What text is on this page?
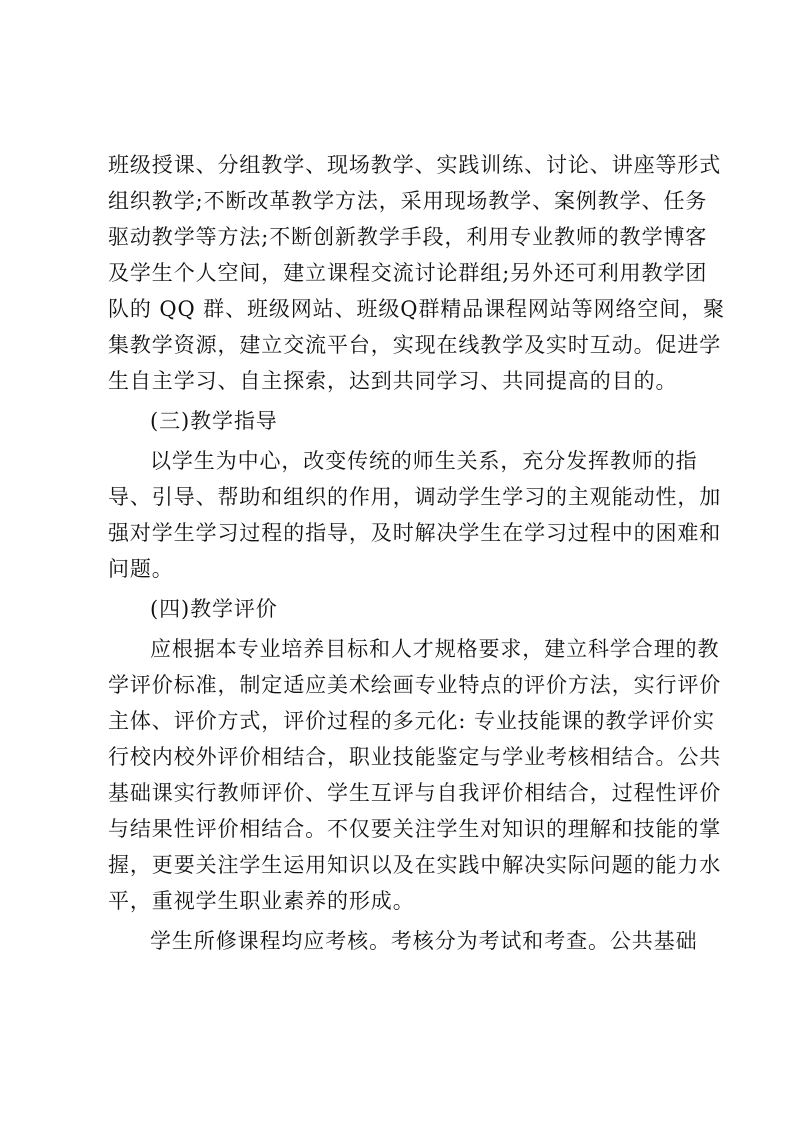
班级授课、分组教学、现场教学、实践训练、讨论、讲座等形式
组织教学;不断改革教学方法，采用现场教学、案例教学、任务
驱动教学等方法;不断创新教学手段，利用专业教师的教学博客
及学生个人空间，建立课程交流讨论群组;另外还可利用教学团
队的 QQ 群、班级网站、班级Q群精品课程网站等网络空间，聚
集教学资源，建立交流平台，实现在线教学及实时互动。促进学
生自主学习、自主探索，达到共同学习、共同提高的目的。
(三)教学指导
以学生为中心，改变传统的师生关系，充分发挥教师的指
导、引导、帮助和组织的作用，调动学生学习的主观能动性，加
强对学生学习过程的指导，及时解决学生在学习过程中的困难和
问题。
(四)教学评价
应根据本专业培养目标和人才规格要求，建立科学合理的教
学评价标准，制定适应美术绘画专业特点的评价方法，实行评价
主体、评价方式，评价过程的多元化: 专业技能课的教学评价实
行校内校外评价相结合，职业技能鉴定与学业考核相结合。公共
基础课实行教师评价、学生互评与自我评价相结合，过程性评价
与结果性评价相结合。不仅要关注学生对知识的理解和技能的掌
握，更要关注学生运用知识以及在实践中解决实际问题的能力水
平，重视学生职业素养的形成。
学生所修课程均应考核。考核分为考试和考查。公共基础
